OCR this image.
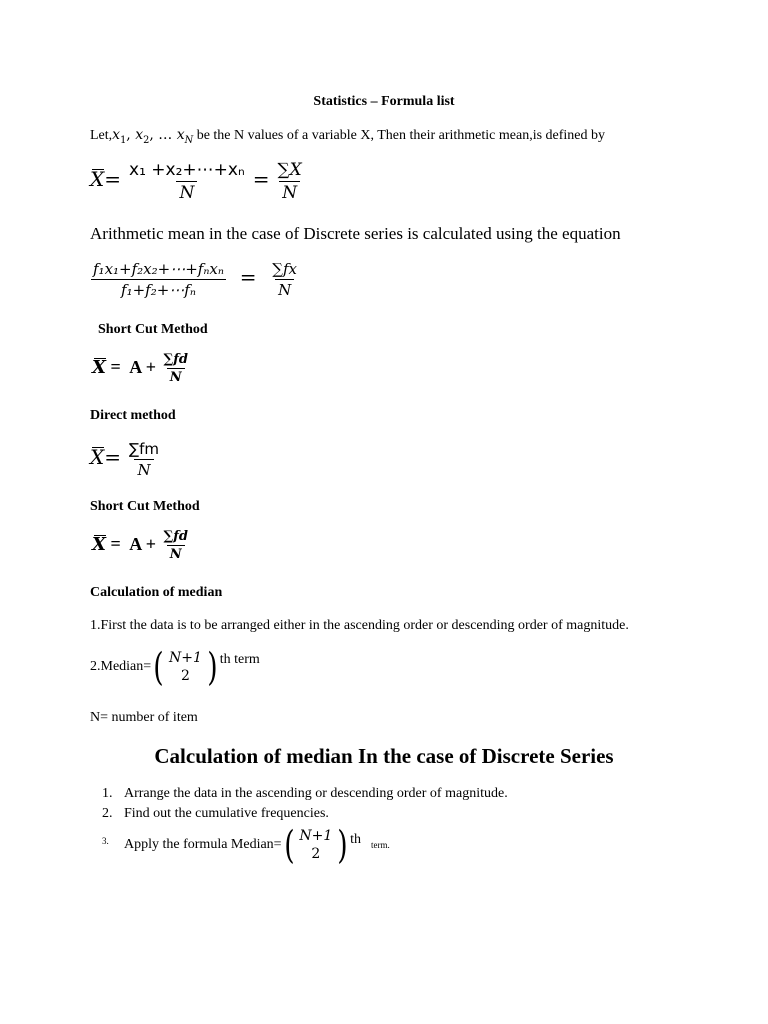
Statistics – Formula list
$Let,x_1$, $x_2$, … $x_N$ be the N values of a variable X, Then their arithmetic mean,is defined by
$X= \frac{\text{x₁ +x₂+⋯+xₙ}}{N} = \frac{\sum X}{N}$
Arithmetic mean in the case of Discrete series is calculated using the equation
$\frac{\text{f₁x₁+f₂x₂+⋯+fₙxₙ}}{\text{f₁+f₂+⋯fₙ}} = \frac{\sum fx}{N}$
Short Cut Method
$X = A + \frac{\sum fd}{N}$
Direct method
$X= \frac{\sum fm}{N}$
Short Cut Method
$X = A + \frac{\sum fd}{N}$
Calculation of median
1.First the data is to be arranged either in the ascending order or descending order of magnitude.
2.Median= ( N+1
2 ) th term
N= number of item
Calculation of median In the case of Discrete Series
1. Arrange the data in the ascending or descending order of magnitude.
2. Find out the cumulative frequencies.
3. Apply the formula Median= ( N+1
2 ) th term.
